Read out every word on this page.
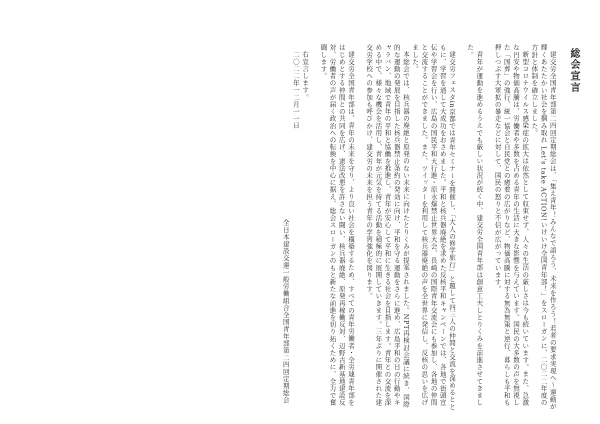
総会宣言

建交労全国青年部第二四回定期総会は、「集え青年！みんなで語ろう、未来を作ろう！若者の要求実現へ～運動が輝くあたたかい社会を掴み取れ Let's take ACTION!いけいけ全国青年部！」をスローガンに、二〇二二年度の方針と体制を確立しました。

新型コロナウイルス感染症の拡大は依然として収束せず、人々の生活の厳しさは今も続いています。また、急激な円安や物価高騰は、労働者や多数を占める青年の生活に大きな影響を与えています。国民の大多数の声を無視した「国葬」の強行、統一協会と自民党との癒着の広がりなど、物価高騰に対する無為無策と逆行、暮らしも平和も押しつぶす大軍拡の暴走などに対して、国民の怒りと不信が広がっています。

青年が運動を進めるうえでも厳しい状況が続く中、建交労全国青年部は創意工夫しとりくみを前進させてきました。

建交労フェスタin京都では青年セミナーを開催し、「大人の修学旅行」と題して四三人の仲間と交流を深めるとともに、学習を通して大成功をおさめました。平和と核兵器廃絶を求めた反核平和キャンペーンでは、各地で街頭宣伝や学習会を行い、広島の国民平和大行進・原水爆禁止世界大会、長崎の国際青年交流会にも参加し、各地の仲間と交流することができました。また、ツイッターを利用して核兵器廃絶の声を全世界に発信し、反核の思いを広げました。

本総会では、核兵器の廃絶と原発のない未来に向けたとりくみが提案されました。NPT再検討会議に続き、国際的な運動の発展を目指した核兵器禁止条約の発効に向け、平和を守る運動をさらに進め、広島平和の日の行動やキャラバン、地域で青年の平和と協働を推進し、青年が安心して平和に生きる社会を目指します。青年との交流を深める中で、様々な機会を活用し、青年が元気を持てる活動を積極的に展開していきます。三年ぶりに開催された建交労学校への参加も呼びかけ、建交労の未来を担う青年の学習強化を図ります。

建交労全国青年部は、青年の未来を守り、より良い社会を構築するため、すべての青年労働者・全労連青年部をはじめとする仲間との共同を広げ、憲法改悪を許さない闘い、核兵器廃絶、原発再稼働反対、辺野古新基地建設反対、労働者の声が届く政治への転換を中心に据え、総会スローガンのもと新たな前進を切り拓くために、全力で奮闘します。

右宣言します。

二〇二二年一二月一一日
全日本建設交運一般労働組合全国青年部第二四回定期総会
